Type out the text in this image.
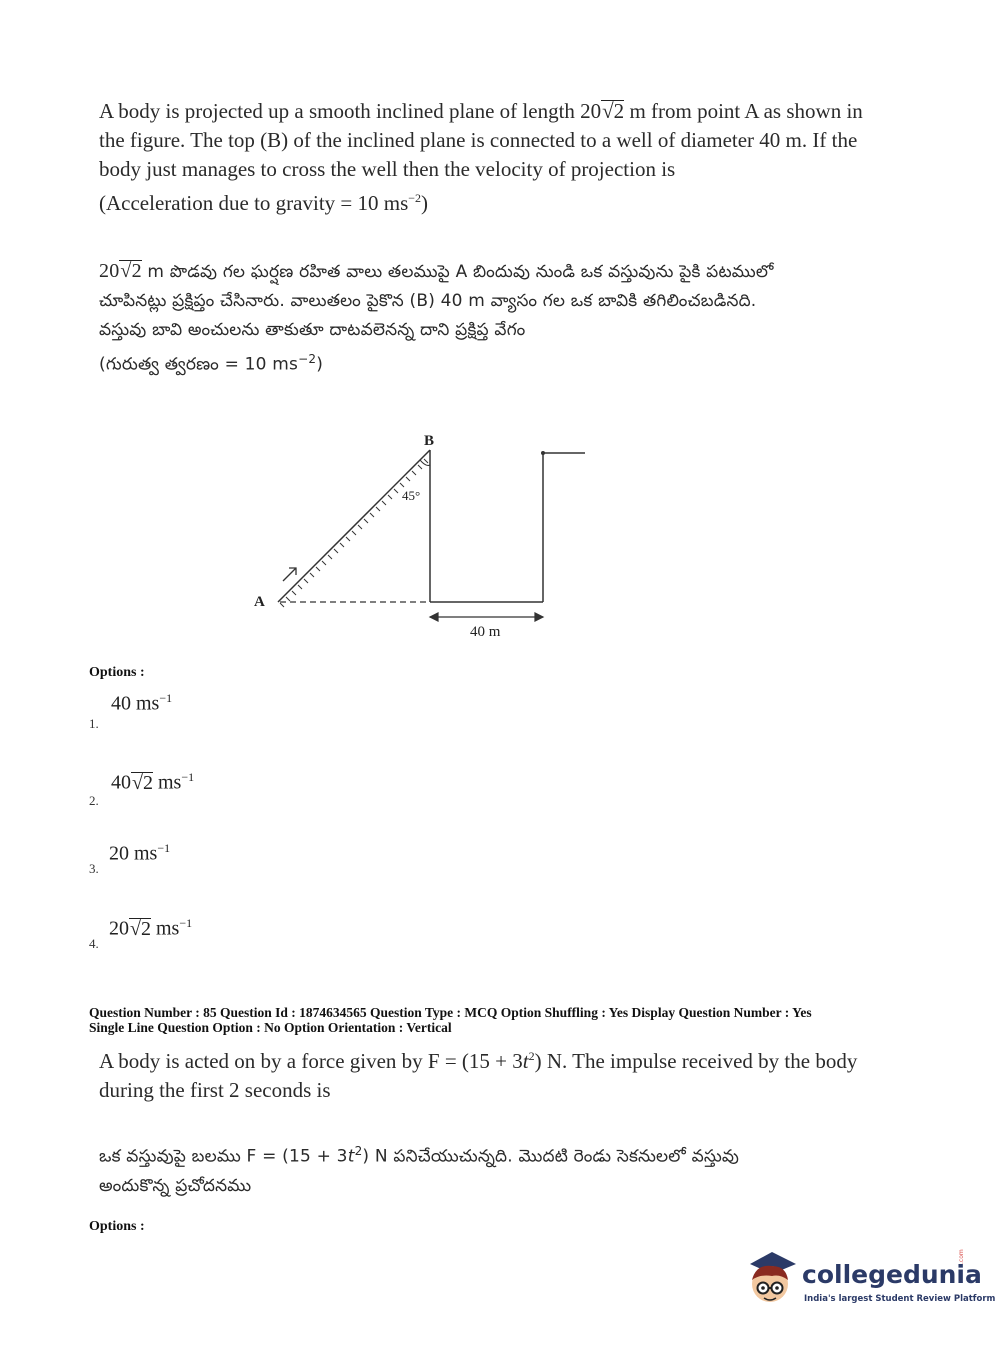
A body is projected up a smooth inclined plane of length 20√2 m from point A as shown in
the figure. The top (B) of the inclined plane is connected to a well of diameter 40 m. If the
body just manages to cross the well then the velocity of projection is
(Acceleration due to gravity = 10 $ms^{-2}$)
20√2 m పొడవు గల ఘర్షణ రహిత వాలు తలముపై A బిందువు నుండి ఒక వస్తువును పైకి పటములో
చూపినట్లు ప్రక్షిప్తం చేసినారు. వాలుతలం పైకొన (B) 40 m వ్యాసం గల ఒక బావికి తగిలించబడినది.
వస్తువు బావి అంచులను తాకుతూ దాటవలెనన్న దాని ప్రక్షిప్త వేగం
(గురుత్వ త్వరణం = 10 $ms^{-2}$)
45°
B
A
40 m
Options :
40 $ms^{-1}$
1.
40√2 $ms^{-1}$
2.
20 $ms^{-1}$
3.
20√2 $ms^{-1}$
4.
Question Number : 85 Question Id : 1874634565 Question Type : MCQ Option Shuffling : Yes Display Question Number : Yes
Single Line Question Option : No Option Orientation : Vertical
A body is acted on by a force given by $F = (15 + 3t^2)$ N. The impulse received by the body
during the first 2 seconds is
ఒక వస్తువుపై బలము $F = (15 + 3t^2)$ N పనిచేయుచున్నది. మొదటి రెండు సెకనులలో వస్తువు
అందుకొన్న ప్రచోదనము
Options :
collegedunia
.com
India's largest Student Review Platform
